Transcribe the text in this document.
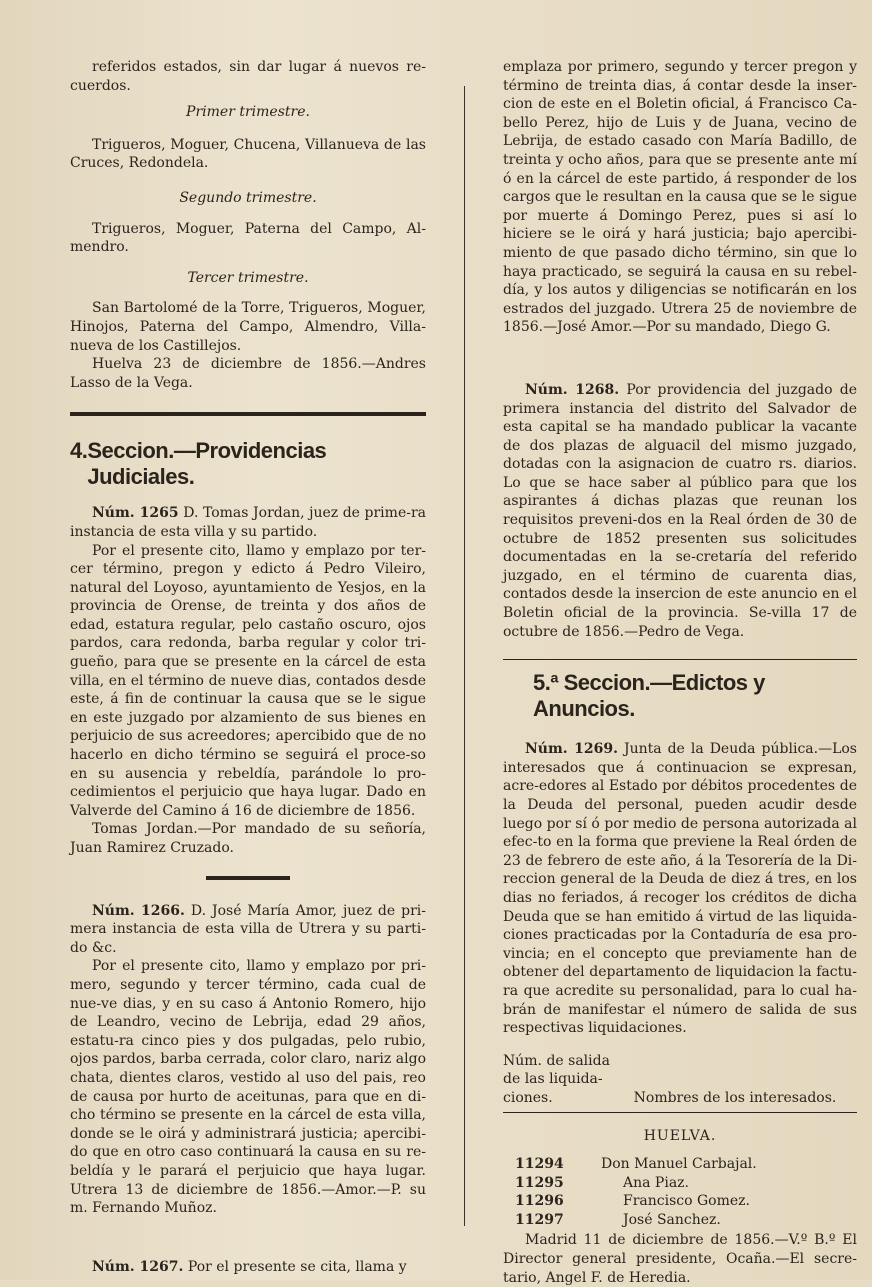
referidos estados, sin dar lugar á nuevos re-cuerdos.

Primer trimestre.

Trigueros, Moguer, Chucena, Villanueva de las Cruces, Redondela.

Segundo trimestre.

Trigueros, Moguer, Paterna del Campo, Al-mendro.

Tercer trimestre.

San Bartolomé de la Torre, Trigueros, Moguer, Hinojos, Paterna del Campo, Almendro, Villa-nueva de los Castillejos.

Huelva 23 de diciembre de 1856.—Andres Lasso de la Vega.

4. Seccion.—Providencias Judiciales.

Núm. 1265 D. Tomas Jordan, juez de prime-ra instancia de esta villa y su partido.

Por el presente cito, llamo y emplazo por ter-cer término, pregon y edicto á Pedro Vileiro, natural del Loyoso, ayuntamiento de Yesjos, en la provincia de Orense, de treinta y dos años de edad, estatura regular, pelo castaño oscuro, ojos pardos, cara redonda, barba regular y color tri-gueño, para que se presente en la cárcel de esta villa, en el término de nueve dias, contados desde este, á fin de continuar la causa que se le sigue en este juzgado por alzamiento de sus bienes en perjuicio de sus acreedores; apercibido que de no hacerlo en dicho término se seguirá el proce-so en su ausencia y rebeldía, parándole lo pro-cedimientos el perjuicio que haya lugar. Dado en Valverde del Camino á 16 de diciembre de 1856.

Tomas Jordan.—Por mandado de su señoría, Juan Ramirez Cruzado.

Núm. 1266. D. José María Amor, juez de pri-mera instancia de esta villa de Utrera y su parti-do &c.

Por el presente cito, llamo y emplazo por pri-mero, segundo y tercer término, cada cual de nue-ve dias, y en su caso á Antonio Romero, hijo de Leandro, vecino de Lebrija, edad 29 años, estatu-ra cinco pies y dos pulgadas, pelo rubio, ojos pardos, barba cerrada, color claro, nariz algo chata, dientes claros, vestido al uso del pais, reo de causa por hurto de aceitunas, para que en di-cho término se presente en la cárcel de esta villa, donde se le oirá y administrará justicia; apercibi-do que en otro caso continuará la causa en su re-beldía y le parará el perjuicio que haya lugar. Utrera 13 de diciembre de 1856.—Amor.—P. su m. Fernando Muñoz.

Núm. 1267. Por el presente se cita, llama y

emplaza por primero, segundo y tercer pregon y término de treinta dias, á contar desde la inser-cion de este en el Boletin oficial, á Francisco Ca-bello Perez, hijo de Luis y de Juana, vecino de Lebrija, de estado casado con María Badillo, de treinta y ocho años, para que se presente ante mí ó en la cárcel de este partido, á responder de los cargos que le resultan en la causa que se le sigue por muerte á Domingo Perez, pues si así lo hiciere se le oirá y hará justicia; bajo apercibi-miento de que pasado dicho término, sin que lo haya practicado, se seguirá la causa en su rebel-día, y los autos y diligencias se notificarán en los estrados del juzgado. Utrera 25 de noviembre de 1856.—José Amor.—Por su mandado, Diego G.

Núm. 1268. Por providencia del juzgado de primera instancia del distrito del Salvador de esta capital se ha mandado publicar la vacante de dos plazas de alguacil del mismo juzgado, dotadas con la asignacion de cuatro rs. diarios. Lo que se hace saber al público para que los aspirantes á dichas plazas que reunan los requisitos preveni-dos en la Real órden de 30 de octubre de 1852 presenten sus solicitudes documentadas en la se-cretaría del referido juzgado, en el término de cuarenta dias, contados desde la insercion de este anuncio en el Boletin oficial de la provincia. Se-villa 17 de octubre de 1856.—Pedro de Vega.

5.ª Seccion.—Edictos y Anuncios.

Núm. 1269. Junta de la Deuda pública.—Los interesados que á continuacion se expresan, acre-edores al Estado por débitos procedentes de la Deuda del personal, pueden acudir desde luego por sí ó por medio de persona autorizada al efec-to en la forma que previene la Real órden de 23 de febrero de este año, á la Tesorería de la Di-reccion general de la Deuda de diez á tres, en los dias no feriados, á recoger los créditos de dicha Deuda que se han emitido á virtud de las liquida-ciones practicadas por la Contaduría de esa pro-vincia; en el concepto que previamente han de obtener del departamento de liquidacion la factu-ra que acredite su personalidad, para lo cual ha-brán de manifestar el número de salida de sus respectivas liquidaciones.

Núm. de salida de las liquida-ciones.	Nombres de los interesados.
HUELVA.
11294	Don Manuel Carbajal.
11295	Ana Piaz.
11296	Francisco Gomez.
11297	José Sanchez.

Madrid 11 de diciembre de 1856.—V.º B.º El Director general presidente, Ocaña.—El secre-tario, Angel F. de Heredia.
